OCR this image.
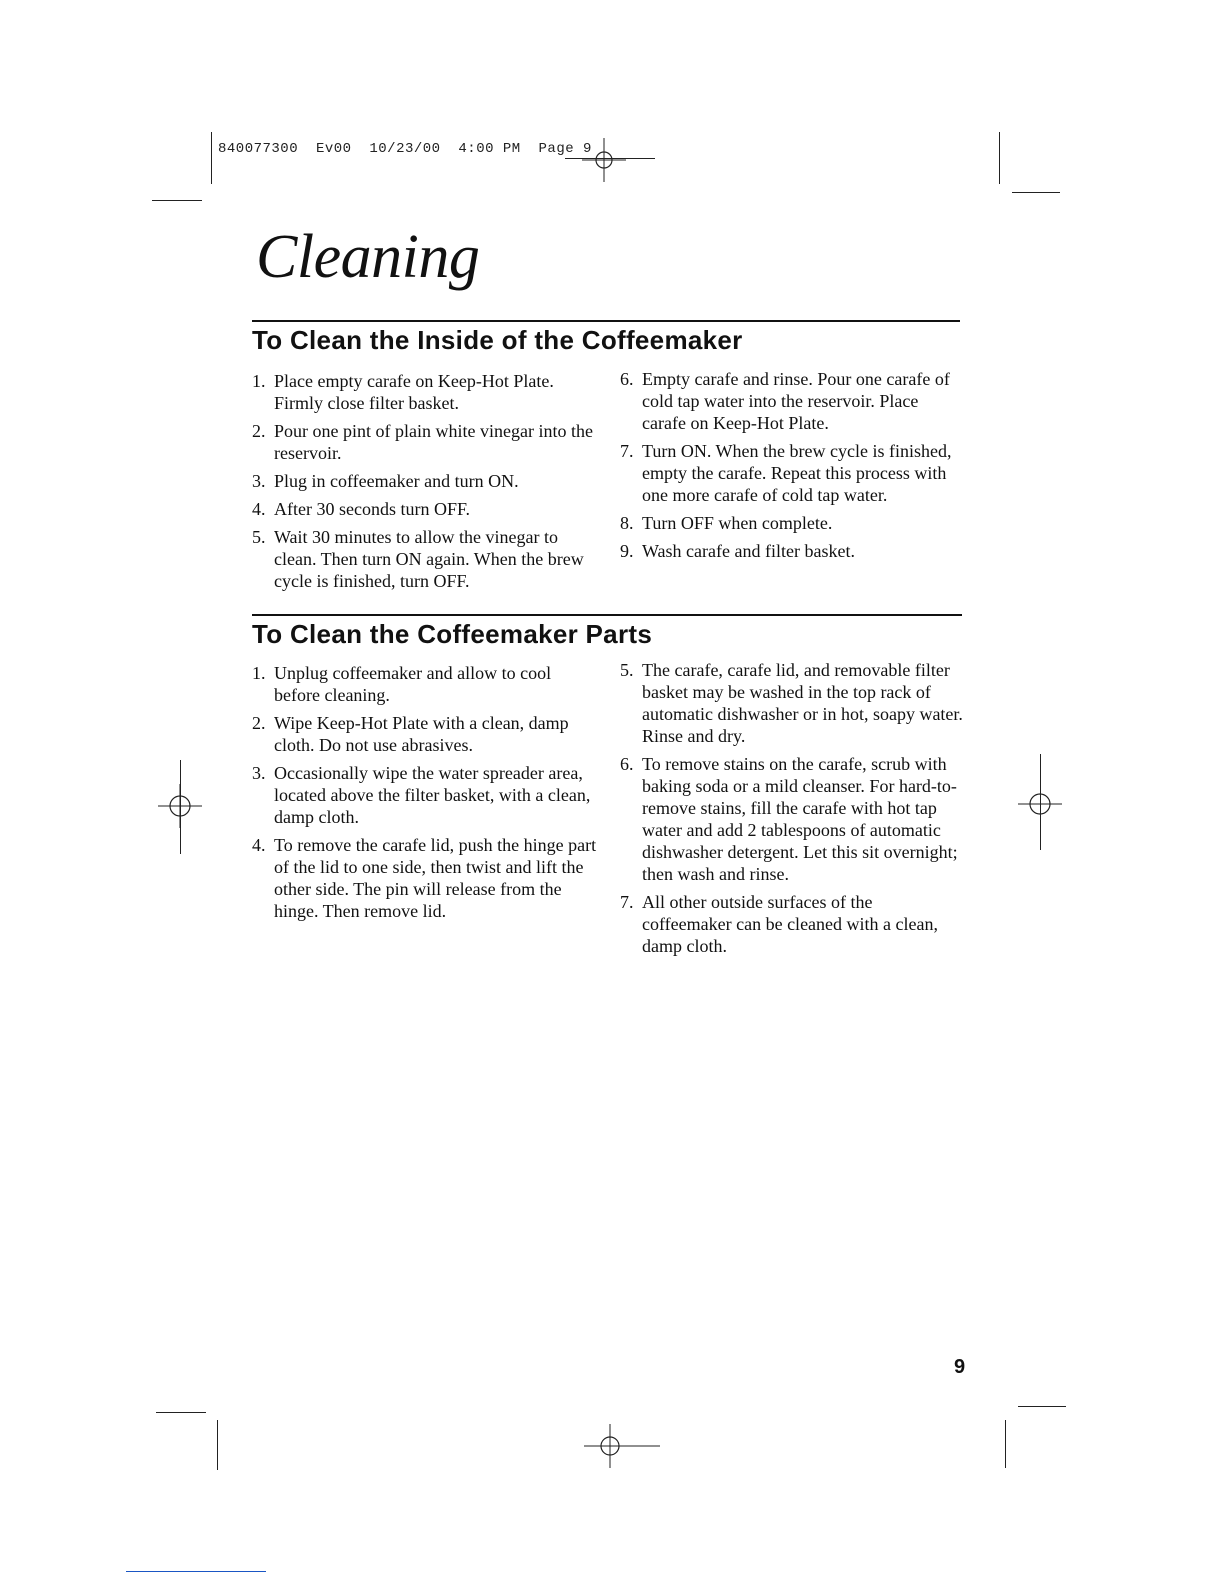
840077300 Ev00 10/23/00 4:00 PM Page 9
Cleaning
To Clean the Inside of the Coffeemaker
1. Place empty carafe on Keep-Hot Plate. Firmly close filter basket.
2. Pour one pint of plain white vinegar into the reservoir.
3. Plug in coffeemaker and turn ON.
4. After 30 seconds turn OFF.
5. Wait 30 minutes to allow the vinegar to clean. Then turn ON again. When the brew cycle is finished, turn OFF.
6. Empty carafe and rinse. Pour one carafe of cold tap water into the reservoir. Place carafe on Keep-Hot Plate.
7. Turn ON. When the brew cycle is finished, empty the carafe. Repeat this process with one more carafe of cold tap water.
8. Turn OFF when complete.
9. Wash carafe and filter basket.
To Clean the Coffeemaker Parts
1. Unplug coffeemaker and allow to cool before cleaning.
2. Wipe Keep-Hot Plate with a clean, damp cloth. Do not use abrasives.
3. Occasionally wipe the water spreader area, located above the filter basket, with a clean, damp cloth.
4. To remove the carafe lid, push the hinge part of the lid to one side, then twist and lift the other side. The pin will release from the hinge. Then remove lid.
5. The carafe, carafe lid, and removable filter basket may be washed in the top rack of automatic dishwasher or in hot, soapy water. Rinse and dry.
6. To remove stains on the carafe, scrub with baking soda or a mild cleanser. For hard-to-remove stains, fill the carafe with hot tap water and add 2 tablespoons of automatic dishwasher detergent. Let this sit overnight; then wash and rinse.
7. All other outside surfaces of the coffeemaker can be cleaned with a clean, damp cloth.
9
